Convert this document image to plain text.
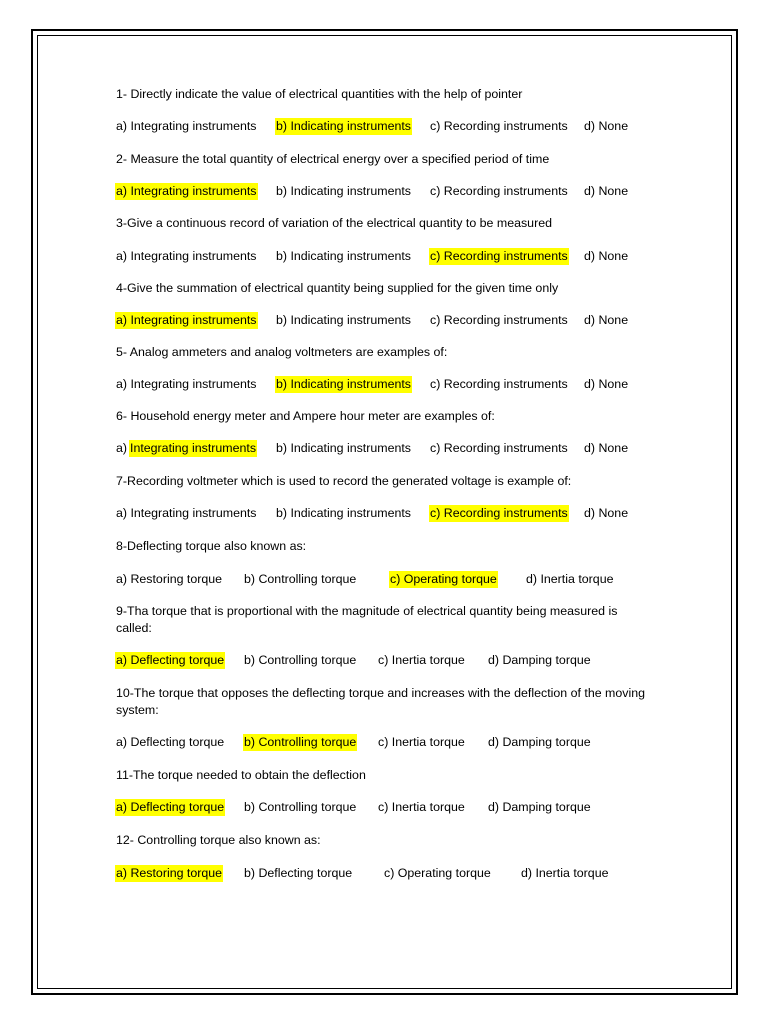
1- Directly indicate the value of electrical quantities with the help of pointer

a) Integrating instruments b) Indicating instruments c) Recording instruments d) None

2- Measure the total quantity of electrical energy over a specified period of time

a) Integrating instruments b) Indicating instruments c) Recording instruments d) None

3-Give a continuous record of variation of the electrical quantity to be measured

a) Integrating instruments b) Indicating instruments c) Recording instruments d) None

4-Give the summation of electrical quantity being supplied for the given time only

a) Integrating instruments b) Indicating instruments c) Recording instruments d) None

5- Analog ammeters and analog voltmeters are examples of:

a) Integrating instruments b) Indicating instruments c) Recording instruments d) None

6- Household energy meter and Ampere hour meter are examples of:

a) Integrating instruments b) Indicating instruments c) Recording instruments d) None

7-Recording voltmeter which is used to record the generated voltage is example of:

a) Integrating instruments b) Indicating instruments c) Recording instruments d) None

8-Deflecting torque also known as:

a) Restoring torque b) Controlling torque	c) Operating torque d) Inertia torque

9-Tha torque that is proportional with the magnitude of electrical quantity being measured is called:

a) Deflecting torque b) Controlling torque c) Inertia torque d) Damping torque

10-The torque that opposes the deflecting torque and increases with the deflection of the moving system:

a) Deflecting torque b) Controlling torque c) Inertia torque d) Damping torque

11-The torque needed to obtain the deflection

a) Deflecting torque b) Controlling torque c) Inertia torque d) Damping torque

12- Controlling torque also known as:

a) Restoring torque b) Deflecting torque	c) Operating torque d) Inertia torque
